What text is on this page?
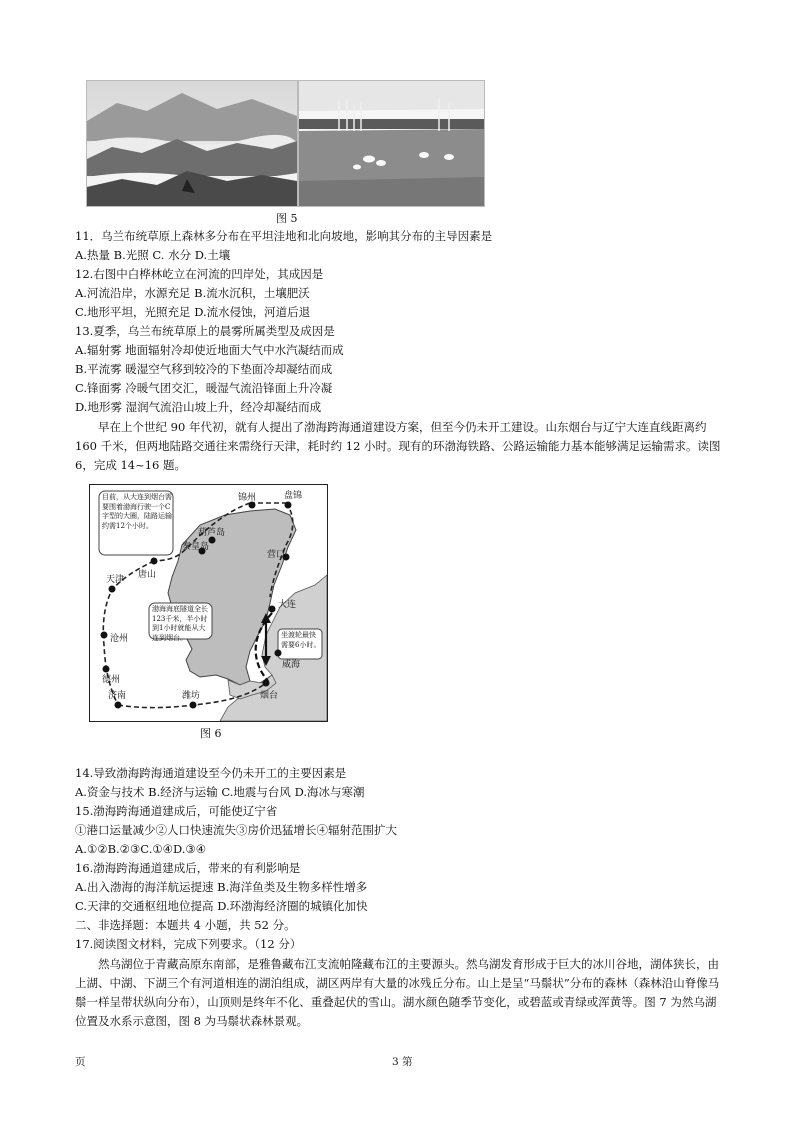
图 5
11．乌兰布统草原上森林多分布在平坦洼地和北向坡地，影响其分布的主导因素是
A.热量 B.光照 C. 水分 D.土壤
12.右图中白桦林屹立在河流的凹岸处，其成因是
A.河流沿岸，水源充足 B.流水沉积，土壤肥沃
C.地形平坦，光照充足 D.流水侵蚀，河道后退
13.夏季，乌兰布统草原上的晨雾所属类型及成因是
A.辐射雾 地面辐射冷却使近地面大气中水汽凝结而成
B.平流雾 暖湿空气移到较冷的下垫面冷却凝结而成
C.锋面雾 冷暖气团交汇，暖湿气流沿锋面上升冷凝
D.地形雾 湿润气流沿山坡上升，经冷却凝结而成
早在上个世纪 90 年代初，就有人提出了渤海跨海通道建设方案，但至今仍未开工建设。山东烟台与辽宁大连直线距离约 160 千米，但两地陆路交通往来需绕行天津，耗时约 12 小时。现有的环渤海铁路、公路运输能力基本能够满足运输需求。读图 6，完成 14~16 题。
目前，从大连到烟台需要围着渤海行驶一个C字型的大圈，陆路运输约需12个小时。
渤海海底隧道全长123千米，半小时到1小时就能从大连到烟台。	坐渡轮最快需要6小时。
锦州	盘锦
葫芦岛
秦皇岛
营口
唐山
天津
沧州
德州
济南	潍坊	烟台
威海
大连
图 6
14.导致渤海跨海通道建设至今仍未开工的主要因素是
A.资金与技术 B.经济与运输 C.地震与台风 D.海冰与寒潮
15.渤海跨海通道建成后，可能使辽宁省
①港口运量减少②人口快速流失③房价迅猛增长④辐射范围扩大
A.①②B.②③C.①④D.③④
16.渤海跨海通道建成后，带来的有利影响是
A.出入渤海的海洋航运提速 B.海洋鱼类及生物多样性增多
C.天津的交通枢纽地位提高 D.环渤海经济圈的城镇化加快
二、非选择题：本题共 4 小题，共 52 分。
17.阅读图文材料，完成下列要求。（12 分）
然乌湖位于青藏高原东南部，是雅鲁藏布江支流帕隆藏布江的主要源头。然乌湖发育形成于巨大的冰川谷地，湖体狭长，由上湖、中湖、下湖三个有河道相连的湖泊组成，湖区两岸有大量的冰残丘分布。山上是呈“马鬃状”分布的森林（森林沿山脊像马鬃一样呈带状纵向分布），山顶则是终年不化、重叠起伏的雪山。湖水颜色随季节变化，或碧蓝或青绿或浑黄等。图 7 为然乌湖位置及水系示意图，图 8 为马鬃状森林景观。
页	3 第
